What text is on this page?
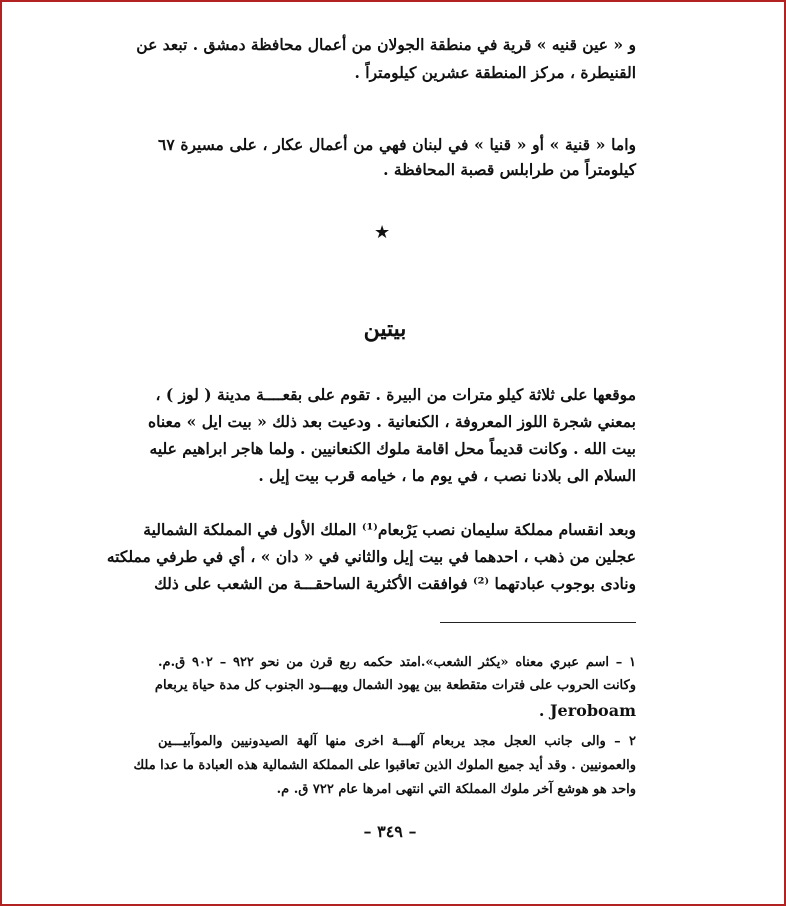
و « عين قنيه » قرية في منطقة الجولان من أعمال محافظة دمشق . تبعد عن
القنيطرة ، مركز المنطقة عشرين كيلومتراً .
واما « قنية » أو « قنيا » في لبنان فهي من أعمال عكار ، على مسيرة ٦٧
كيلومتراً من طرابلس قصبة المحافظة .
★
بيتين
موقعها على ثلاثة كيلو مترات من البيرة . تقوم على بقعــــة مدينة ( لوز ) ،
بمعني شجرة اللوز المعروفة ، الكنعانية . ودعيت بعد ذلك « بيت ايل » معناه
بيت الله . وكانت قديماً محل اقامة ملوك الكنعانيين . ولما هاجر ابراهيم عليه
السلام الى بلادنا نصب ، في يوم ما ، خيامه قرب بيت إيل .
وبعد انقسام مملكة سليمان نصب يَرْبعام⁽¹⁾ الملك الأول في المملكة الشمالية
عجلين من ذهب ، احدهما في بيت إيل والثاني في « دان » ، أي في طرفي مملكته
ونادى بوجوب عبادتهما ⁽²⁾ فوافقت الأكثرية الساحقـــة من الشعب على ذلك
١ – اسم عبري معناه «يكثر الشعب».امتد حكمه ربع قرن من نحو ٩٢٢ – ٩٠٢ ق.م.
وكانت الحروب على فترات متقطعة بين يهود الشمال ويهـــود الجنوب كل مدة حياة يربعام
. Jeroboam
٢ – والى جانب العجل مجد يربعام آلهـــة اخرى منها آلهة الصيدونيين والموآبيـــين
والعمونيين . وقد أيد جميع الملوك الذين تعاقبوا على المملكة الشمالية هذه العبادة ما عدا ملك
واحد هو هوشع آخر ملوك المملكة التي انتهى امرها عام ٧٢٢ ق. م.
– ٣٤٩ –
